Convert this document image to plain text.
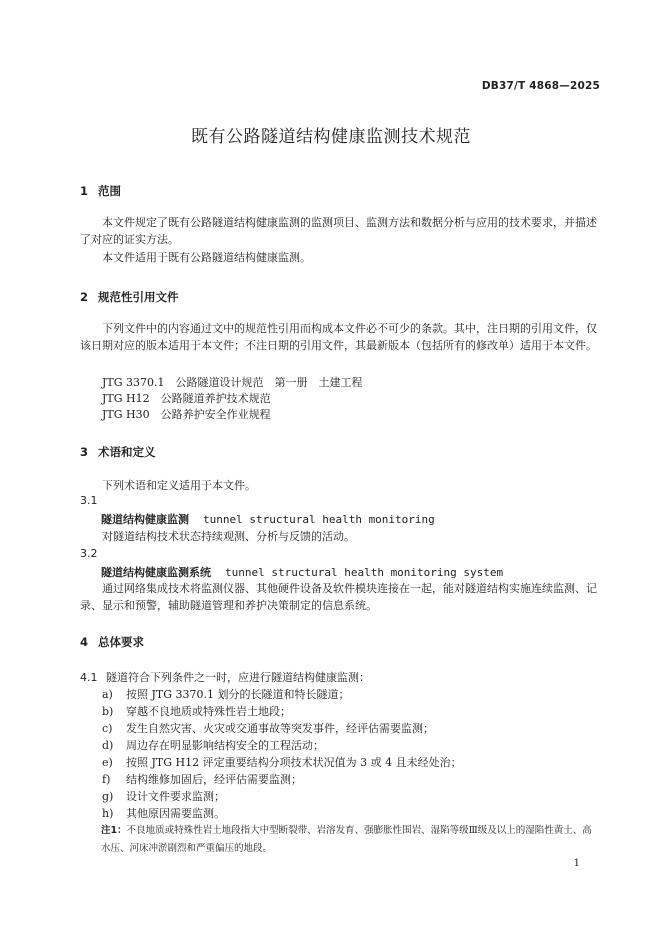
DB37/T 4868—2025
既有公路隧道结构健康监测技术规范
1 范围
本文件规定了既有公路隧道结构健康监测的监测项目、监测方法和数据分析与应用的技术要求，并描述了对应的证实方法。
本文件适用于既有公路隧道结构健康监测。
2 规范性引用文件
下列文件中的内容通过文中的规范性引用而构成本文件必不可少的条款。其中，注日期的引用文件，仅该日期对应的版本适用于本文件；不注日期的引用文件，其最新版本（包括所有的修改单）适用于本文件。
JTG 3370.1　公路隧道设计规范　第一册　土建工程
JTG H12　公路隧道养护技术规范
JTG H30　公路养护安全作业规程
3 术语和定义
下列术语和定义适用于本文件。
3.1
隧道结构健康监测 tunnel structural health monitoring
对隧道结构技术状态持续观测、分析与反馈的活动。
3.2
隧道结构健康监测系统 tunnel structural health monitoring system
通过网络集成技术将监测仪器、其他硬件设备及软件模块连接在一起，能对隧道结构实施连续监测、记录、显示和预警，辅助隧道管理和养护决策制定的信息系统。
4 总体要求
4.1 隧道符合下列条件之一时，应进行隧道结构健康监测：
a) 按照 JTG 3370.1 划分的长隧道和特长隧道；
b) 穿越不良地质或特殊性岩土地段；
c) 发生自然灾害、火灾或交通事故等突发事件，经评估需要监测；
d) 周边存在明显影响结构安全的工程活动；
e) 按照 JTG H12 评定重要结构分项技术状况值为 3 或 4 且未经处治；
f) 结构维修加固后，经评估需要监测；
g) 设计文件要求监测；
h) 其他原因需要监测。
注1：不良地质或特殊性岩土地段指大中型断裂带、岩溶发育、强膨胀性围岩、湿陷等级Ⅲ级及以上的湿陷性黄土、高水压、河床冲淤剧烈和严重偏压的地段。
1
